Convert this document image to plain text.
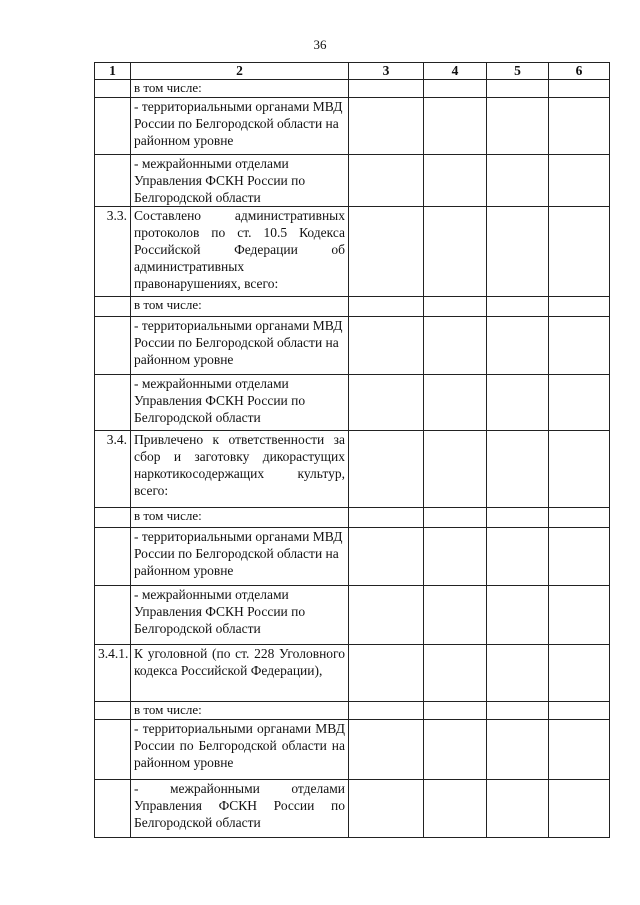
36
1	2	3	4	5	6
	в том числе:				
	- территориальными органами МВД России по Белгородской области на районном уровне				
	- межрайонными отделами Управления ФСКН России по Белгородской области				
3.3.	Составлено административных протоколов по ст. 10.5 Кодекса Российской Федерации об административных правонарушениях, всего:				
	в том числе:				
	- территориальными органами МВД России по Белгородской области на районном уровне				
	- межрайонными отделами Управления ФСКН России по Белгородской области				
3.4.	Привлечено к ответственности за сбор и заготовку дикорастущих наркотикосодержащих культур, всего:				
	в том числе:				
	- территориальными органами МВД России по Белгородской области на районном уровне				
	- межрайонными отделами Управления ФСКН России по Белгородской области				
3.4.1.	К уголовной (по ст. 228 Уголовного кодекса Российской Федерации),				
	в том числе:				
	- территориальными органами МВД России по Белгородской области на районном уровне				
	- межрайонными отделами Управления ФСКН России по Белгородской области				
